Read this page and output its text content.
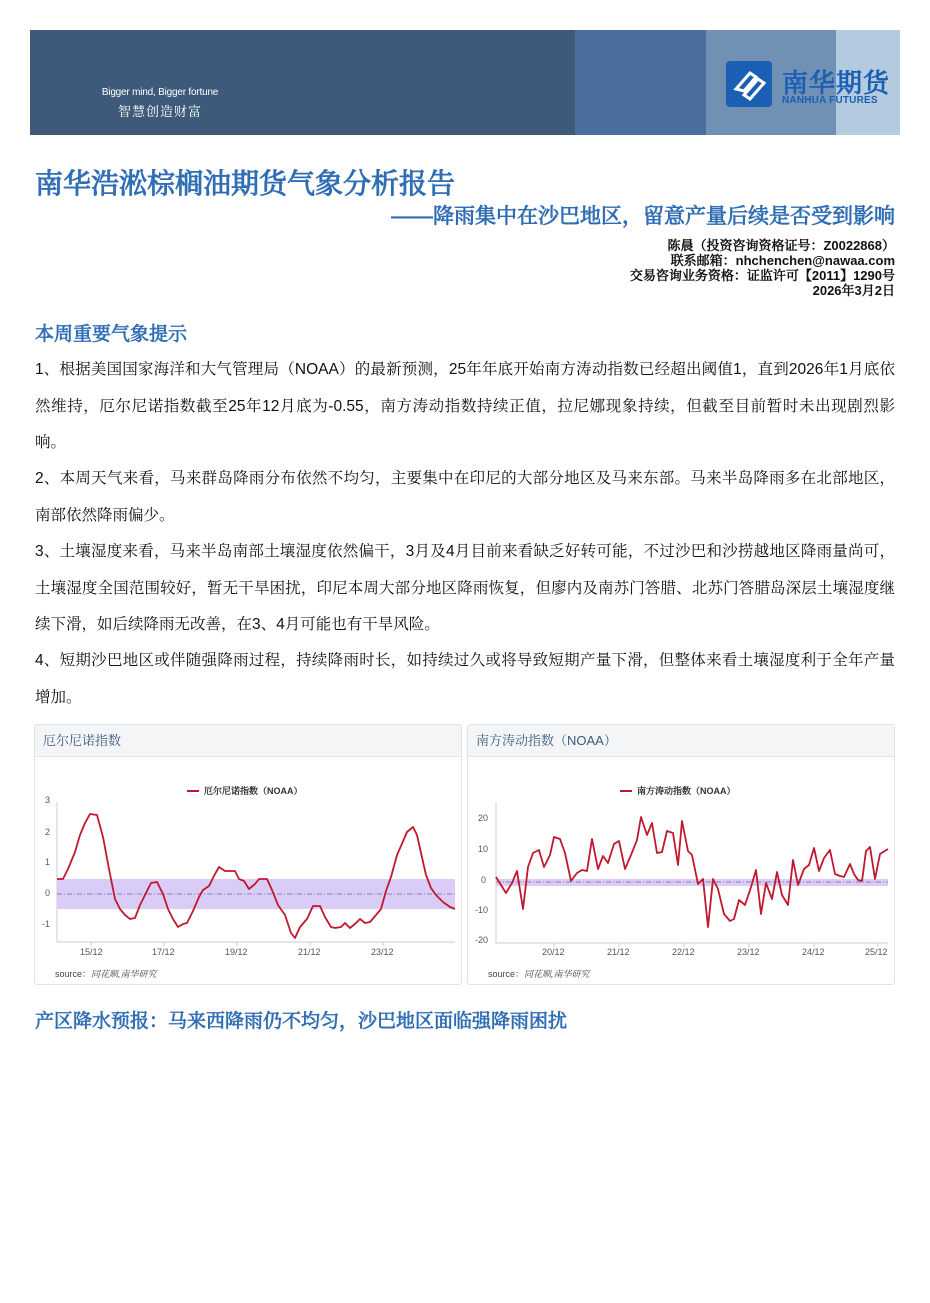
Bigger mind, Bigger fortune
智慧创造财富
南华期货
NANHUA FUTURES
南华浩淞棕榈油期货气象分析报告
——降雨集中在沙巴地区，留意产量后续是否受到影响
陈晨（投资咨询资格证号：Z0022868）
联系邮箱：nhchenchen@nawaa.com
交易咨询业务资格：证监许可【2011】1290号
2026年3月2日
本周重要气象提示
1、根据美国国家海洋和大气管理局（NOAA）的最新预测，25年年底开始南方涛动指数已经超出阈值1，直到2026年1月底依然维持，厄尔尼诺指数截至25年12月底为-0.55，南方涛动指数持续正值，拉尼娜现象持续，但截至目前暂时未出现剧烈影响。
2、本周天气来看，马来群岛降雨分布依然不均匀，主要集中在印尼的大部分地区及马来东部。马来半岛降雨多在北部地区，南部依然降雨偏少。
3、土壤湿度来看，马来半岛南部土壤湿度依然偏干，3月及4月目前来看缺乏好转可能，不过沙巴和沙捞越地区降雨量尚可，土壤湿度全国范围较好，暂无干旱困扰，印尼本周大部分地区降雨恢复，但廖内及南苏门答腊、北苏门答腊岛深层土壤湿度继续下滑，如后续降雨无改善，在3、4月可能也有干旱风险。
4、短期沙巴地区或伴随强降雨过程，持续降雨时长，如持续过久或将导致短期产量下滑，但整体来看土壤湿度利于全年产量增加。
厄尔尼诺指数
厄尔尼诺指数（NOAA）
3
2
1
0
-1
15/12	17/12	19/12	21/12	23/12
source：同花顺,南华研究
南方涛动指数（NOAA）
南方涛动指数（NOAA）
20
10
0
-10
-20
20/12	21/12	22/12	23/12	24/12	25/12
source：同花顺,南华研究
产区降水预报：马来西降雨仍不均匀，沙巴地区面临强降雨困扰
